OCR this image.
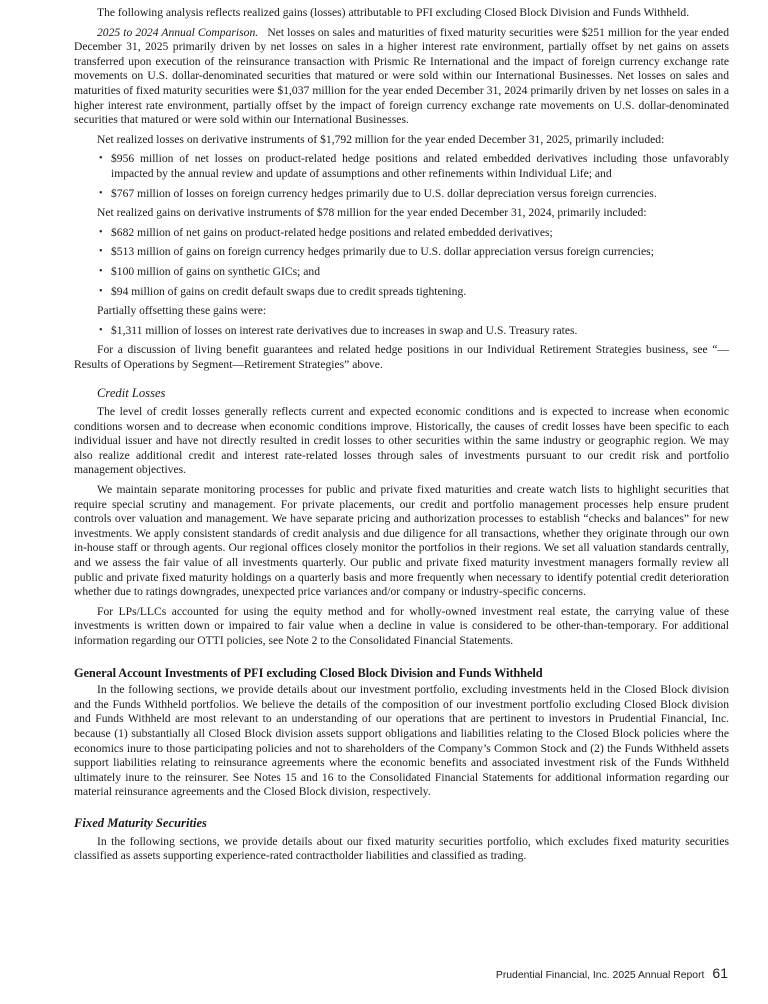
The following analysis reflects realized gains (losses) attributable to PFI excluding Closed Block Division and Funds Withheld.

2025 to 2024 Annual Comparison. Net losses on sales and maturities of fixed maturity securities were $251 million for the year ended December 31, 2025 primarily driven by net losses on sales in a higher interest rate environment, partially offset by net gains on assets transferred upon execution of the reinsurance transaction with Prismic Re International and the impact of foreign currency exchange rate movements on U.S. dollar-denominated securities that matured or were sold within our International Businesses. Net losses on sales and maturities of fixed maturity securities were $1,037 million for the year ended December 31, 2024 primarily driven by net losses on sales in a higher interest rate environment, partially offset by the impact of foreign currency exchange rate movements on U.S. dollar-denominated securities that matured or were sold within our International Businesses.

Net realized losses on derivative instruments of $1,792 million for the year ended December 31, 2025, primarily included:

• $956 million of net losses on product-related hedge positions and related embedded derivatives including those unfavorably impacted by the annual review and update of assumptions and other refinements within Individual Life; and
• $767 million of losses on foreign currency hedges primarily due to U.S. dollar depreciation versus foreign currencies.

Net realized gains on derivative instruments of $78 million for the year ended December 31, 2024, primarily included:

• $682 million of net gains on product-related hedge positions and related embedded derivatives;
• $513 million of gains on foreign currency hedges primarily due to U.S. dollar appreciation versus foreign currencies;
• $100 million of gains on synthetic GICs; and
• $94 million of gains on credit default swaps due to credit spreads tightening.

Partially offsetting these gains were:

• $1,311 million of losses on interest rate derivatives due to increases in swap and U.S. Treasury rates.

For a discussion of living benefit guarantees and related hedge positions in our Individual Retirement Strategies business, see “—Results of Operations by Segment—Retirement Strategies” above.

Credit Losses

The level of credit losses generally reflects current and expected economic conditions and is expected to increase when economic conditions worsen and to decrease when economic conditions improve. Historically, the causes of credit losses have been specific to each individual issuer and have not directly resulted in credit losses to other securities within the same industry or geographic region. We may also realize additional credit and interest rate-related losses through sales of investments pursuant to our credit risk and portfolio management objectives.

We maintain separate monitoring processes for public and private fixed maturities and create watch lists to highlight securities that require special scrutiny and management. For private placements, our credit and portfolio management processes help ensure prudent controls over valuation and management. We have separate pricing and authorization processes to establish “checks and balances” for new investments. We apply consistent standards of credit analysis and due diligence for all transactions, whether they originate through our own in-house staff or through agents. Our regional offices closely monitor the portfolios in their regions. We set all valuation standards centrally, and we assess the fair value of all investments quarterly. Our public and private fixed maturity investment managers formally review all public and private fixed maturity holdings on a quarterly basis and more frequently when necessary to identify potential credit deterioration whether due to ratings downgrades, unexpected price variances and/or company or industry-specific concerns.

For LPs/LLCs accounted for using the equity method and for wholly-owned investment real estate, the carrying value of these investments is written down or impaired to fair value when a decline in value is considered to be other-than-temporary. For additional information regarding our OTTI policies, see Note 2 to the Consolidated Financial Statements.

General Account Investments of PFI excluding Closed Block Division and Funds Withheld

In the following sections, we provide details about our investment portfolio, excluding investments held in the Closed Block division and the Funds Withheld portfolios. We believe the details of the composition of our investment portfolio excluding Closed Block division and Funds Withheld are most relevant to an understanding of our operations that are pertinent to investors in Prudential Financial, Inc. because (1) substantially all Closed Block division assets support obligations and liabilities relating to the Closed Block policies where the economics inure to those participating policies and not to shareholders of the Company’s Common Stock and (2) the Funds Withheld assets support liabilities relating to reinsurance agreements where the economic benefits and associated investment risk of the Funds Withheld ultimately inure to the reinsurer. See Notes 15 and 16 to the Consolidated Financial Statements for additional information regarding our material reinsurance agreements and the Closed Block division, respectively.

Fixed Maturity Securities

In the following sections, we provide details about our fixed maturity securities portfolio, which excludes fixed maturity securities classified as assets supporting experience-rated contractholder liabilities and classified as trading.

Prudential Financial, Inc. 2025 Annual Report 61
